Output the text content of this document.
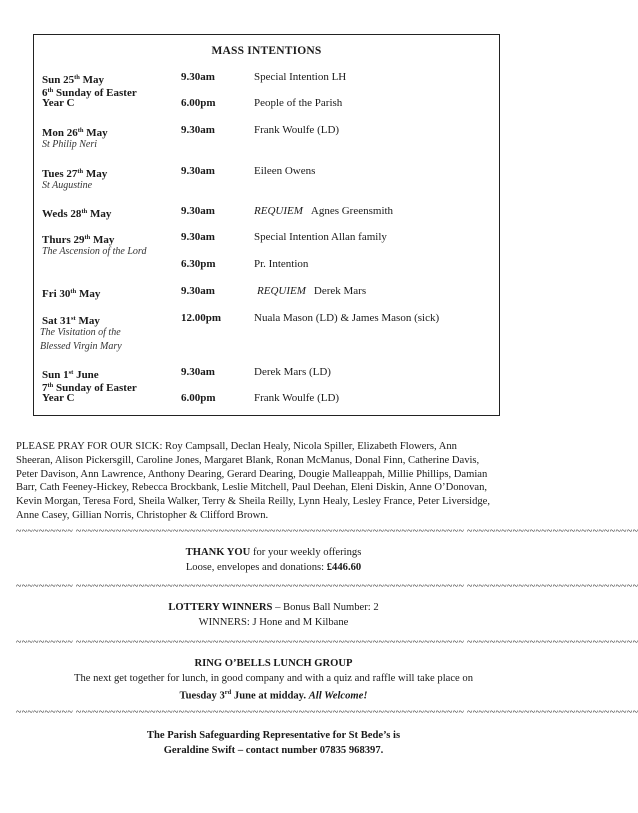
MASS INTENTIONS
Sun 25th May
6th Sunday of Easter
Year C
9.30am	Special Intention LH
6.00pm	People of the Parish
Mon 26th May
St Philip Neri
9.30am	Frank Woulfe (LD)
Tues 27th May
St Augustine
9.30am	Eileen Owens
Weds 28th May	9.30am	REQUIEM Agnes Greensmith
Thurs 29th May
The Ascension of the Lord
9.30am	Special Intention Allan family
6.30pm	Pr. Intention
Fri 30th May	9.30am	REQUIEM Derek Mars
Sat 31st May
The Visitation of the
Blessed Virgin Mary
12.00pm	Nuala Mason (LD) & James Mason (sick)
Sun 1st June
7th Sunday of Easter
Year C
9.30am	Derek Mars (LD)
6.00pm	Frank Woulfe (LD)
PLEASE PRAY FOR OUR SICK: Roy Campsall, Declan Healy, Nicola Spiller, Elizabeth Flowers, Ann
Sheeran, Alison Pickersgill, Caroline Jones, Margaret Blank, Ronan McManus, Donal Finn, Catherine Davis,
Peter Davison, Ann Lawrence, Anthony Dearing, Gerard Dearing, Dougie Malleappah, Millie Phillips, Damian
Barr, Cath Feeney-Hickey, Rebecca Brockbank, Leslie Mitchell, Paul Deehan, Eleni Diskin, Anne O’Donovan,
Kevin Morgan, Teresa Ford, Sheila Walker, Terry & Sheila Reilly, Lynn Healy, Lesley France, Peter Liversidge,
Anne Casey, Gillian Norris, Christopher & Clifford Brown.
~~~~~~~~~~ ~~~~~~~~~~~~~~~~~~~~~~~~~~~~~~~~~~~~~~~~~~~~~~~~~~~~~~~~~~~~~~~~~~~~ ~~~~~~~~~~~~~~~~~~~~~~~~~~~~~~
THANK YOU for your weekly offerings
Loose, envelopes and donations: £446.60
~~~~~~~~~~ ~~~~~~~~~~~~~~~~~~~~~~~~~~~~~~~~~~~~~~~~~~~~~~~~~~~~~~~~~~~~~~~~~~~~ ~~~~~~~~~~~~~~~~~~~~~~~~~~~~~~
LOTTERY WINNERS – Bonus Ball Number: 2
WINNERS: J Hone and M Kilbane
~~~~~~~~~~ ~~~~~~~~~~~~~~~~~~~~~~~~~~~~~~~~~~~~~~~~~~~~~~~~~~~~~~~~~~~~~~~~~~~~ ~~~~~~~~~~~~~~~~~~~~~~~~~~~~~~
RING O’BELLS LUNCH GROUP
The next get together for lunch, in good company and with a quiz and raffle will take place on
Tuesday 3rd June at midday. All Welcome!
~~~~~~~~~~ ~~~~~~~~~~~~~~~~~~~~~~~~~~~~~~~~~~~~~~~~~~~~~~~~~~~~~~~~~~~~~~~~~~~~ ~~~~~~~~~~~~~~~~~~~~~~~~~~~~~~
The Parish Safeguarding Representative for St Bede’s is
Geraldine Swift – contact number 07835 968397.
